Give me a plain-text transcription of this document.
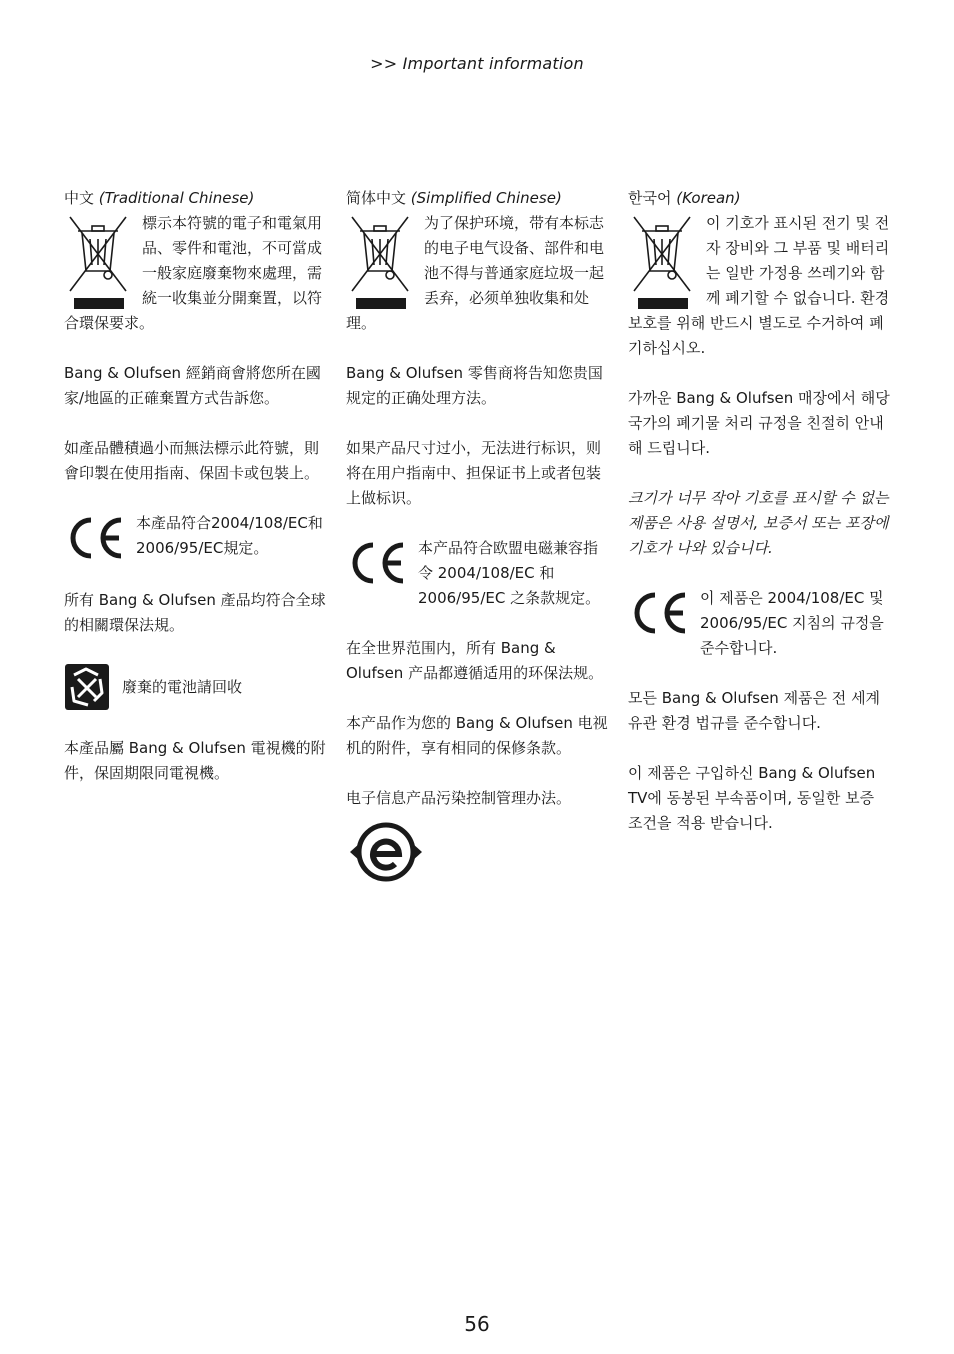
>> Important information
中文 (Traditional Chinese)
標示本符號的電子和電氣用品、零件和電池，不可當成一般家庭廢棄物來處理，需統一收集並分開棄置，以符合環保要求。

Bang & Olufsen 經銷商會將您所在國家/地區的正確棄置方式告訴您。

如產品體積過小而無法標示此符號，則會印製在使用指南、保固卡或包裝上。

本產品符合2004/108/EC和2006/95/EC規定。

所有 Bang & Olufsen 產品均符合全球的相關環保法規。

廢棄的電池請回收

本產品屬 Bang & Olufsen 電視機的附件，保固期限同電視機。

简体中文 (Simplified Chinese)
为了保护环境，带有本标志的电子电气设备、部件和电池不得与普通家庭垃圾一起丢弃，必须单独收集和处理。

Bang & Olufsen 零售商将告知您贵国规定的正确处理方法。

如果产品尺寸过小，无法进行标识，则将在用户指南中、担保证书上或者包装上做标识。

本产品符合欧盟电磁兼容指令 2004/108/EC 和 2006/95/EC 之条款规定。

在全世界范围内，所有 Bang & Olufsen 产品都遵循适用的环保法规。

本产品作为您的 Bang & Olufsen 电视机的附件，享有相同的保修条款。

电子信息产品污染控制管理办法。

한국어 (Korean)
이 기호가 표시된 전기 및 전자 장비와 그 부품 및 배터리는 일반 가정용 쓰레기와 함께 폐기할 수 없습니다. 환경 보호를 위해 반드시 별도로 수거하여 폐기하십시오.

가까운 Bang & Olufsen 매장에서 해당 국가의 폐기물 처리 규정을 친절히 안내해 드립니다.

크기가 너무 작아 기호를 표시할 수 없는 제품은 사용 설명서, 보증서 또는 포장에 기호가 나와 있습니다.

이 제품은 2004/108/EC 및 2006/95/EC 지침의 규정을 준수합니다.

모든 Bang & Olufsen 제품은 전 세계 유관 환경 법규를 준수합니다.

이 제품은 구입하신 Bang & Olufsen TV에 동봉된 부속품이며, 동일한 보증 조건을 적용 받습니다.

56
